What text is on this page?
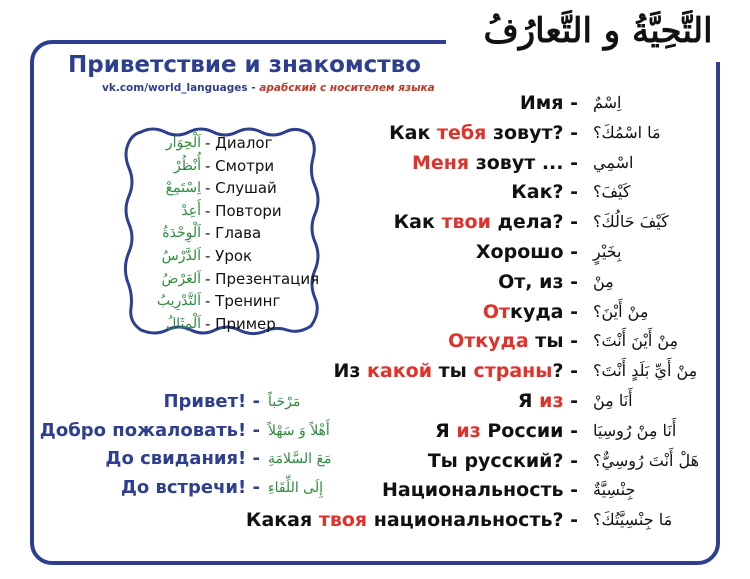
التَّحِيَّةُ و التَّعارُفُ
Приветствие и знакомство
vk.com/world_languages - арабский с носителем языка
اَلْحِوَار - Диалог
أُنْظُرْ - Смотри
اِسْتَمِعْ - Слушай
أَعِدْ - Повтори
اَلْوِحْدَةُ - Глава
اَلدَّرْسُ - Урок
اَلعَرْضُ - Презентация
اَلتَّدْرِيبُ - Тренинг
اَلْمِثَالُ - Пример
Имя - اِسْمٌ
Как тебя зовут? - مَا اسْمُكَ؟
Меня зовут ... - اسْمِي
Как? - كَيْفَ؟
Как твои дела? - كَيْفَ حَالُكَ؟
Хорошо - بِخَيْرٍ
От, из - مِنْ
Откуда - مِنْ أَيْنَ؟
Откуда ты - مِنْ أَيْنَ أَنْتَ؟
Из какой ты страны? - مِنْ أَيِّ بَلَدٍ أَنْتَ؟
Я из - أَنَا مِنْ
Я из России - أَنَا مِنْ رُوسِيَا
Ты русский? - هَلْ أَنْتَ رُوسِيٌّ؟
Национальность - جِنْسِيَّةٌ
Какая твоя национальность? - مَا جِنْسِيَّتُكَ؟
Привет! - مَرْحَباً
Добро пожаловать! - أَهْلاً وَ سَهْلاً
До свидания! - مَعَ السَّلامَةِ
До встречи! - إِلَى اللِّقَاءِ
